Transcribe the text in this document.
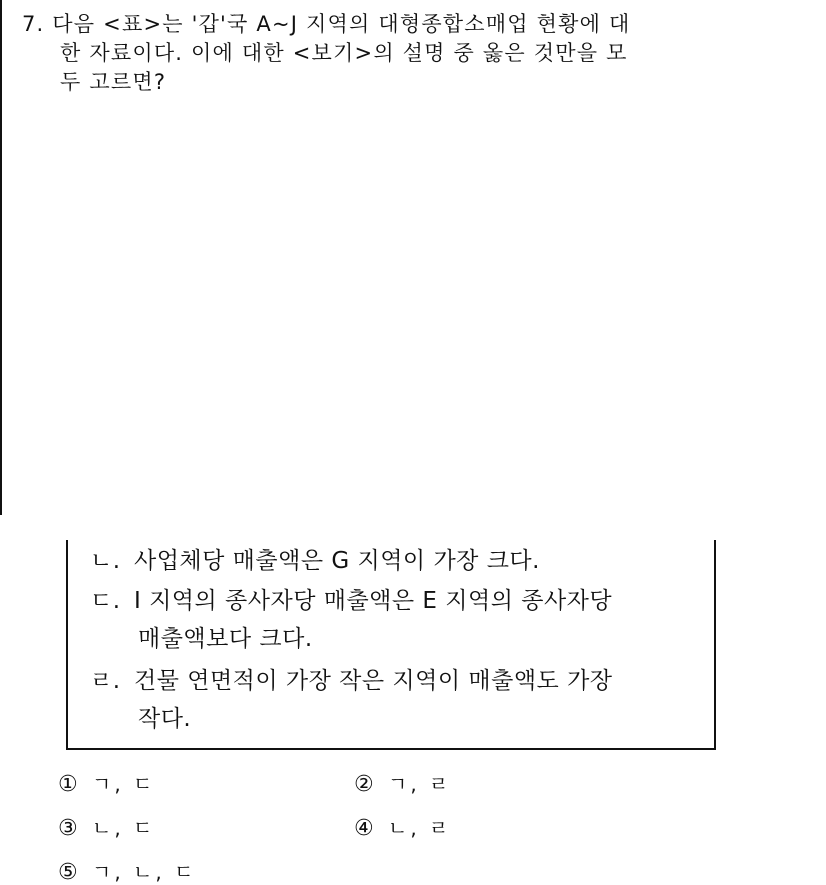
7. 다음 <표>는 '갑'국 A~J 지역의 대형종합소매업 현황에 대
한 자료이다. 이에 대한 <보기>의 설명 중 옳은 것만을 모
두 고르면?
ㄴ. 사업체당 매출액은 G 지역이 가장 크다.
ㄷ. I 지역의 종사자당 매출액은 E 지역의 종사자당
매출액보다 크다.
ㄹ. 건물 연면적이 가장 작은 지역이 매출액도 가장
작다.
① ㄱ, ㄷ	② ㄱ, ㄹ
③ ㄴ, ㄷ	④ ㄴ, ㄹ
⑤ ㄱ, ㄴ, ㄷ
